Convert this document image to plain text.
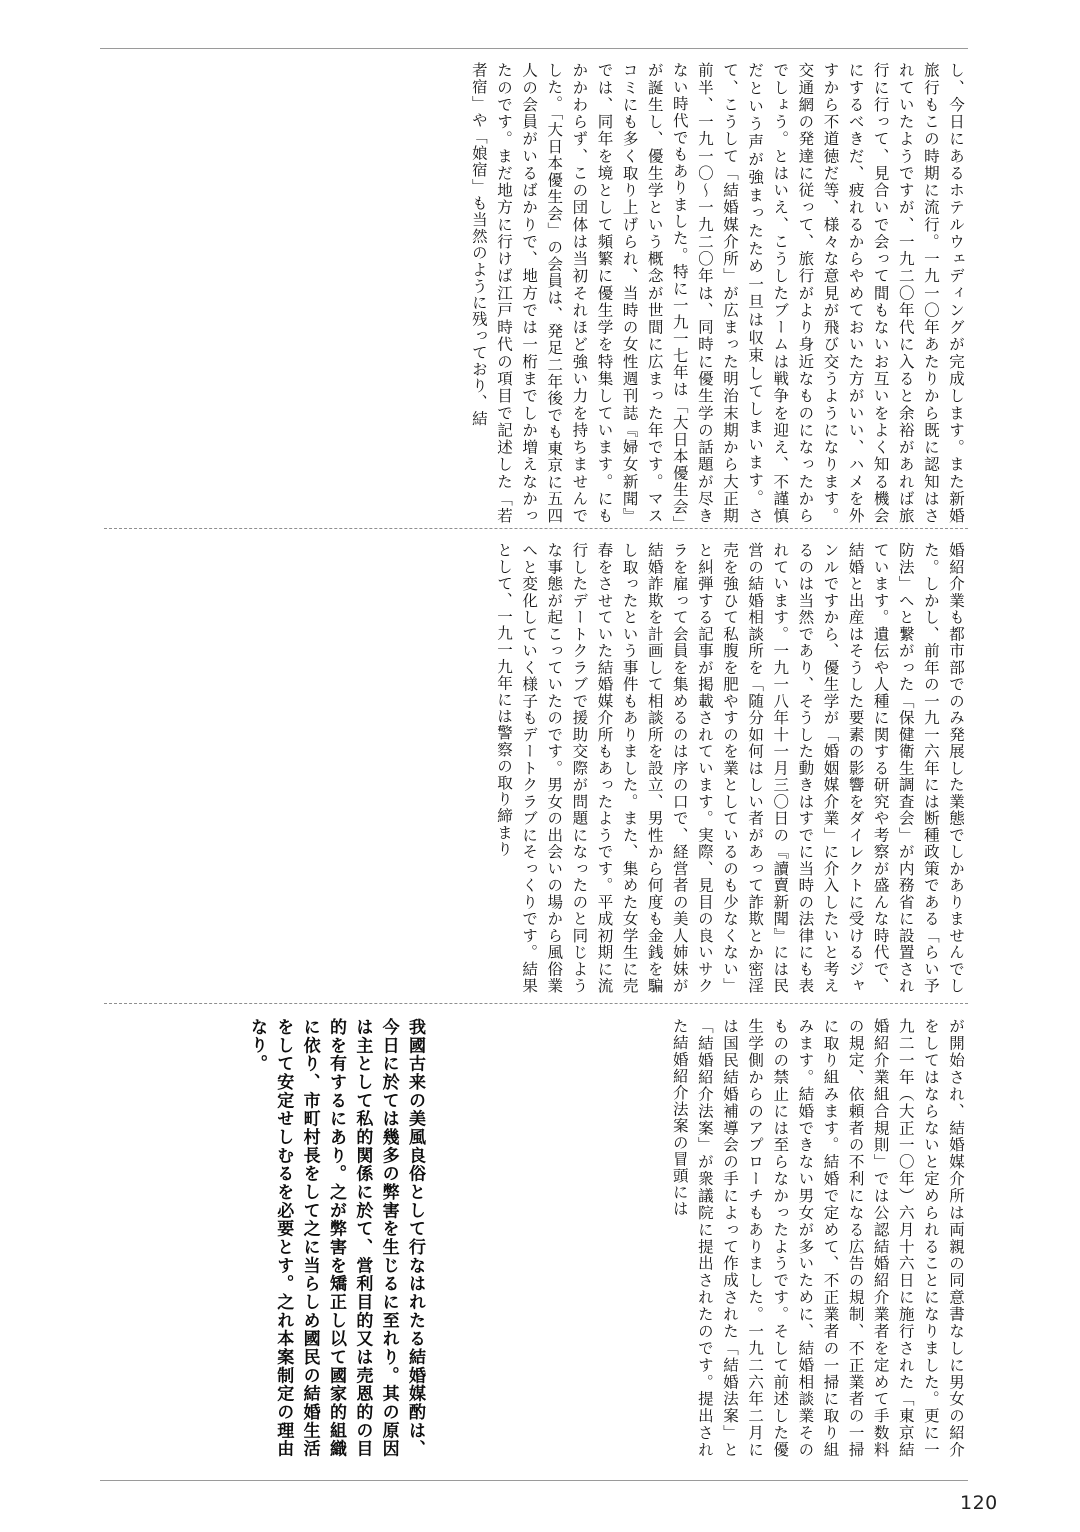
し、今日にあるホテルウェディングが完成します。また新婚旅行もこの時期に流行。一九一〇年あたりから既に認知はされていたようですが、一九二〇年代に入ると余裕があれば旅行に行って、見合いで会って間もないお互いをよく知る機会にするべきだ、疲れるからやめておいた方がいい、ハメを外すから不道徳だ等、様々な意見が飛び交うようになります。交通網の発達に従って、旅行がより身近なものになったからでしょう。とはいえ、こうしたブームは戦争を迎え、不謹慎だという声が強まったため一旦は収束してしまいます。さて、こうして「結婚媒介所」が広まった明治末期から大正期前半、一九一〇～一九二〇年は、同時に優生学の話題が尽きない時代でもありました。特に一九一七年は「大日本優生会」が誕生し、優生学という概念が世間に広まった年です。マスコミにも多く取り上げられ、当時の女性週刊誌『婦女新聞』では、同年を境として頻繁に優生学を特集しています。にもかかわらず、この団体は当初それほど強い力を持ちませんでした。「大日本優生会」の会員は、発足二年後でも東京に五四人の会員がいるばかりで、地方では一桁までしか増えなかったのです。まだ地方に行けば江戸時代の項目で記述した「若者宿」や「娘宿」も当然のように残っており、結
婚紹介業も都市部でのみ発展した業態でしかありませんでした。しかし、前年の一九一六年には断種政策である「らい予防法」へと繋がった「保健衛生調査会」が内務省に設置されています。遺伝や人種に関する研究や考察が盛んな時代で、結婚と出産はそうした要素の影響をダイレクトに受けるジャンルですから、優生学が「婚姻媒介業」に介入したいと考えるのは当然であり、そうした動きはすでに当時の法律にも表れています。一九一八年十一月三〇日の『讀賣新聞』には民営の結婚相談所を「随分如何はしい者があって詐欺とか密淫売を強ひて私腹を肥やすのを業としているのも少なくない」と糾弾する記事が掲載されています。実際、見目の良いサクラを雇って会員を集めるのは序の口で、経営者の美人姉妹が結婚詐欺を計画して相談所を設立、男性から何度も金銭を騙し取ったという事件もありました。また、集めた女学生に売春をさせていた結婚媒介所もあったようです。平成初期に流行したデートクラブで援助交際が問題になったのと同じような事態が起こっていたのです。男女の出会いの場から風俗業へと変化していく様子もデートクラブにそっくりです。結果として、一九一九年には警察の取り締まり
が開始され、結婚媒介所は両親の同意書なしに男女の紹介をしてはならないと定められることになりました。更に一九二一年（大正一〇年）六月十六日に施行された「東京結婚紹介業組合規則」では公認結婚紹介業者を定めて手数料の規定、依頼者の不利になる広告の規制、不正業者の一掃に取り組みます。結婚で定めて、不正業者の一掃に取り組みます。結婚できない男女が多いために、結婚相談業そのものの禁止には至らなかったようです。そして前述した優生学側からのアプローチもありました。一九二六年二月には国民結婚補導会の手によって作成された「結婚法案」と「結婚紹介法案」が衆議院に提出されたのです。提出された結婚紹介法案の冒頭には
我國古来の美風良俗として行なはれたる結婚媒酌は、今日に於ては幾多の弊害を生じるに至れり。其の原因は主として私的関係に於て、営利目的又は売恩的の目的を有するにあり。之が弊害を矯正し以て國家的組織に依り、市町村長をして之に当らしめ國民の結婚生活をして安定せしむるを必要とす。之れ本案制定の理由なり。
120
